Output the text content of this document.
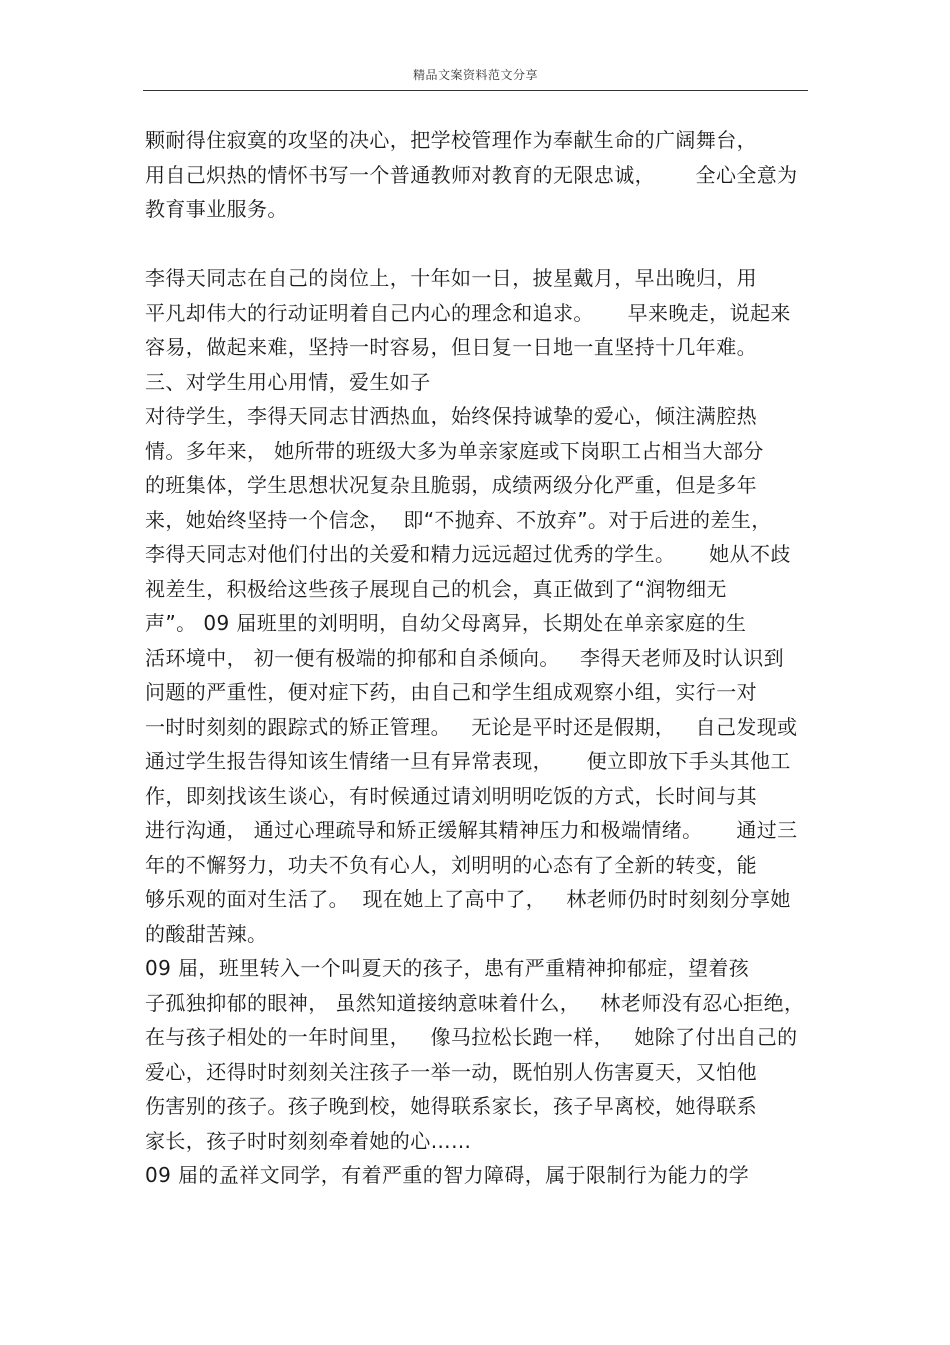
精品文案资料范文分享
颗耐得住寂寞的攻坚的决心，把学校管理作为奉献生命的广阔舞台，
用自己炽热的情怀书写一个普通教师对教育的无限忠诚，      全心全意为
教育事业服务。
李得天同志在自己的岗位上，十年如一日，披星戴月，早出晚归，用
平凡却伟大的行动证明着自己内心的理念和追求。     早来晚走，说起来
容易，做起来难，坚持一时容易，但日复一日地一直坚持十几年难。
三、对学生用心用情，爱生如子
对待学生，李得天同志甘洒热血，始终保持诚挚的爱心，倾注满腔热
情。多年来， 她所带的班级大多为单亲家庭或下岗职工占相当大部分
的班集体，学生思想状况复杂且脆弱，成绩两级分化严重，但是多年
来，她始终坚持一个信念，  即“不抛弃、不放弃”。对于后进的差生，
李得天同志对他们付出的关爱和精力远远超过优秀的学生。     她从不歧
视差生，积极给这些孩子展现自己的机会，真正做到了“润物细无
声”。 09 届班里的刘明明，自幼父母离异，长期处在单亲家庭的生
活环境中， 初一便有极端的抑郁和自杀倾向。   李得天老师及时认识到
问题的严重性，便对症下药，由自己和学生组成观察小组，实行一对
一时时刻刻的跟踪式的矫正管理。   无论是平时还是假期，   自己发现或
通过学生报告得知该生情绪一旦有异常表现，     便立即放下手头其他工
作，即刻找该生谈心，有时候通过请刘明明吃饭的方式，长时间与其
进行沟通， 通过心理疏导和矫正缓解其精神压力和极端情绪。     通过三
年的不懈努力，功夫不负有心人，刘明明的心态有了全新的转变，能
够乐观的面对生活了。  现在她上了高中了，   林老师仍时时刻刻分享她
的酸甜苦辣。
09 届，班里转入一个叫夏天的孩子，患有严重精神抑郁症，望着孩
子孤独抑郁的眼神， 虽然知道接纳意味着什么，   林老师没有忍心拒绝，
在与孩子相处的一年时间里，   像马拉松长跑一样，   她除了付出自己的
爱心，还得时时刻刻关注孩子一举一动，既怕别人伤害夏天，又怕他
伤害别的孩子。孩子晚到校，她得联系家长，孩子早离校，她得联系
家长，孩子时时刻刻牵着她的心……
09 届的孟祥文同学，有着严重的智力障碍，属于限制行为能力的学
